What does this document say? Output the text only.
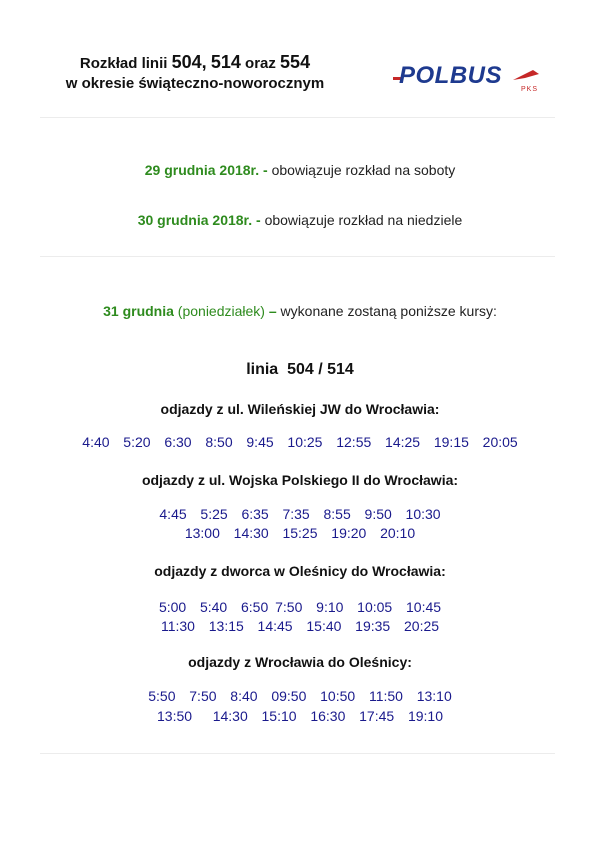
Rozkład linii 504, 514 oraz 554
w okresie świąteczno-noworocznym	POLBUS
PKS
29 grudnia 2018r. - obowiązuje rozkład na soboty
30 grudnia 2018r. - obowiązuje rozkład na niedziele
31 grudnia (poniedziałek) – wykonane zostaną poniższe kursy:
linia  504 / 514
odjazdy z ul. Wileńskiej JW do Wrocławia:
4:40  5:20  6:30  8:50  9:45  10:25  12:55  14:25  19:15  20:05
odjazdy z ul. Wojska Polskiego II do Wrocławia:
4:45  5:25  6:35  7:35  8:55  9:50  10:30
13:00  14:30  15:25  19:20  20:10
odjazdy z dworca w Oleśnicy do Wrocławia:
5:00  5:40  6:50 7:50  9:10  10:05  10:45
11:30  13:15  14:45  15:40  19:35  20:25
odjazdy z Wrocławia do Oleśnicy:
5:50  7:50  8:40  09:50  10:50  11:50  13:10
13:50   14:30  15:10  16:30  17:45  19:10
